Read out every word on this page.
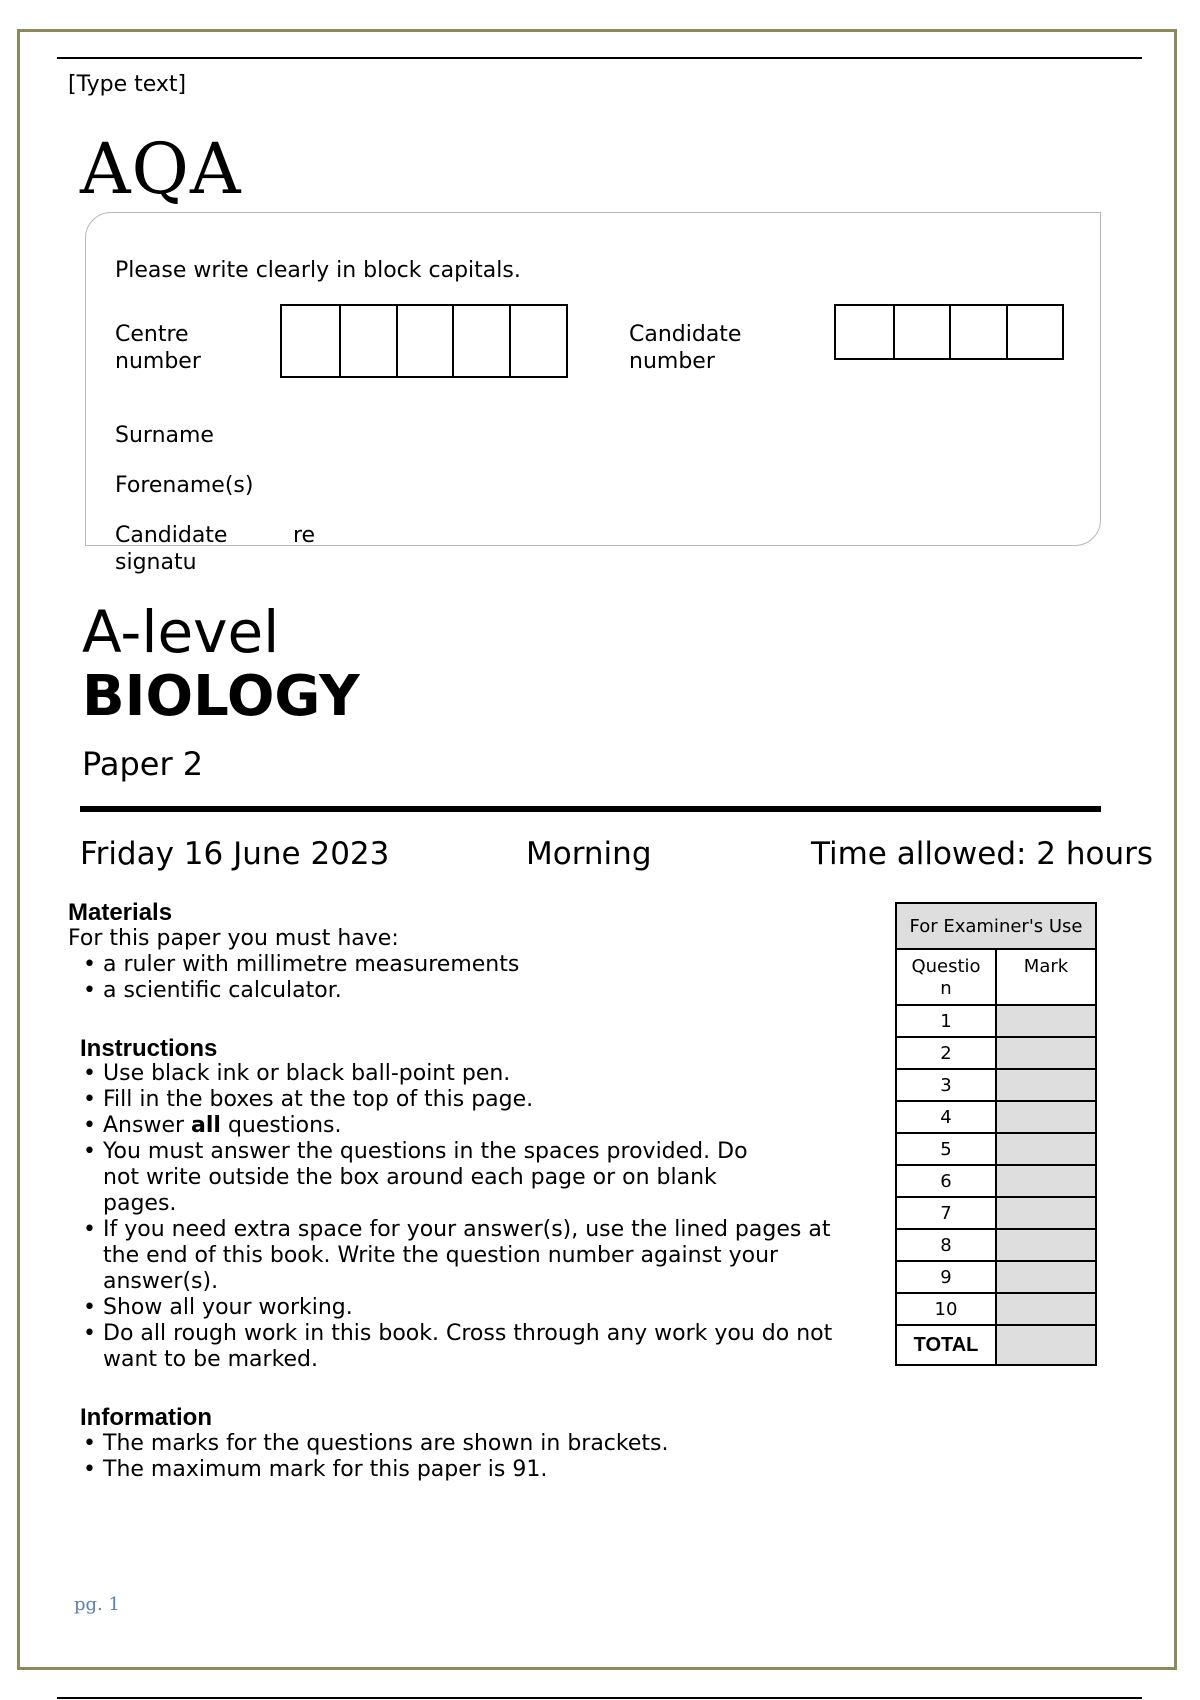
[Type text]
AQA
Please write clearly in block capitals.
Centre number
Candidate number
Surname
Forename(s)
Candidate	re
signatu
A-level
BIOLOGY
Paper 2
Friday 16 June 2023	Morning	Time allowed: 2 hours
Materials
For this paper you must have:
• a ruler with millimetre measurements
• a scientific calculator.
Instructions
• Use black ink or black ball-point pen.
• Fill in the boxes at the top of this page.
• Answer all questions.
• You must answer the questions in the spaces provided. Do not write outside the box around each page or on blank pages.
• If you need extra space for your answer(s), use the lined pages at the end of this book. Write the question number against your answer(s).
• Show all your working.
• Do all rough work in this book. Cross through any work you do not want to be marked.
Information
• The marks for the questions are shown in brackets.
• The maximum mark for this paper is 91.
For Examiner's Use	
Question	Mark
1	
2	
3	
4	
5	
6	
7	
8	
9	
10	
TOTAL	
pg. 1
